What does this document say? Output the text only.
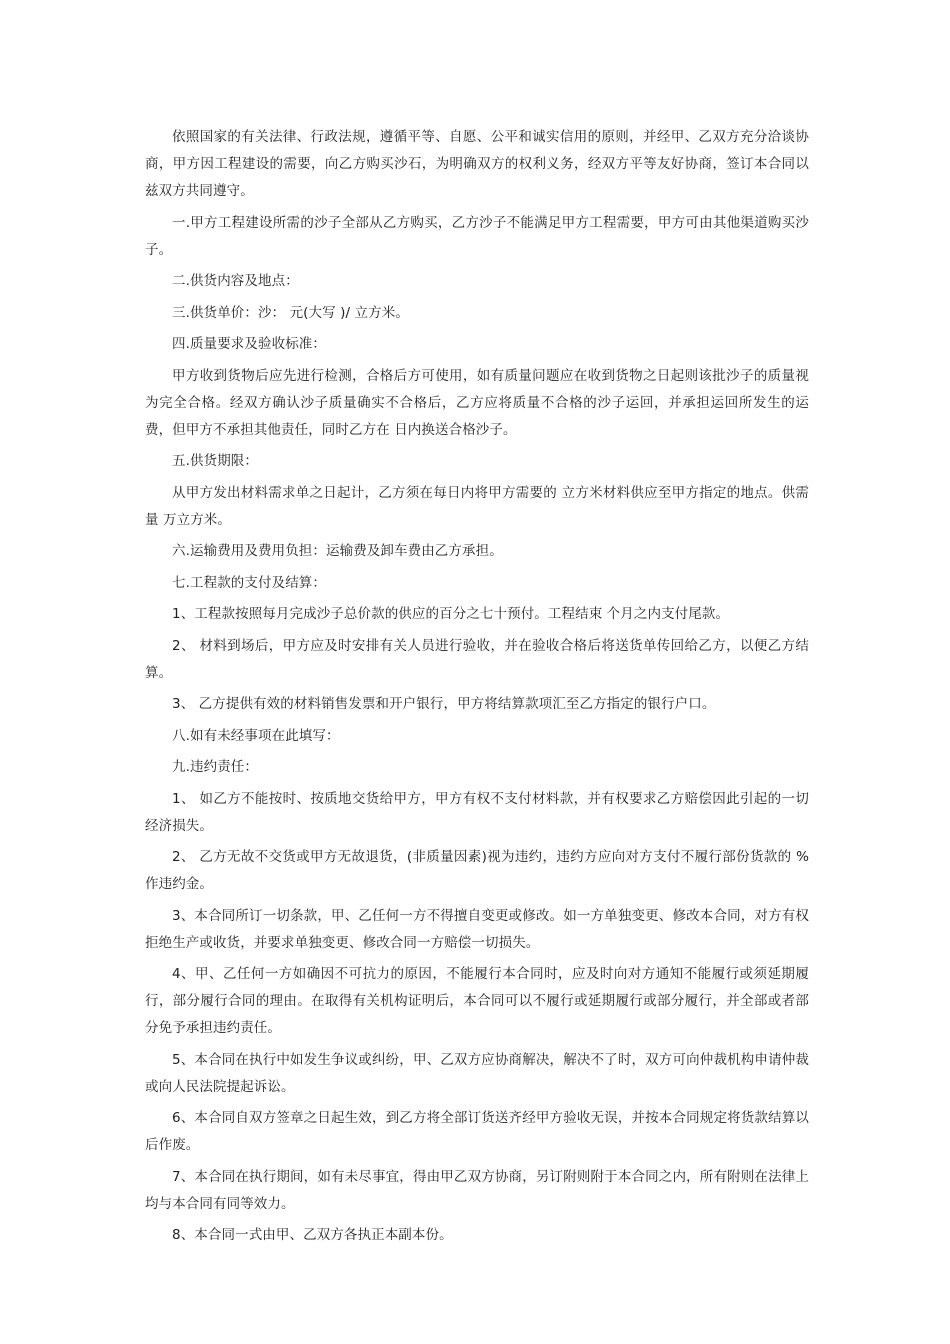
依照国家的有关法律、行政法规，遵循平等、自愿、公平和诚实信用的原则，并经甲、乙双方充分洽谈协商，甲方因工程建设的需要，向乙方购买沙石，为明确双方的权利义务，经双方平等友好协商，签订本合同以兹双方共同遵守。

一.甲方工程建设所需的沙子全部从乙方购买，乙方沙子不能满足甲方工程需要，甲方可由其他渠道购买沙子。

二.供货内容及地点：

三.供货单价：沙： 元(大写 )/ 立方米。

四.质量要求及验收标准：

甲方收到货物后应先进行检测，合格后方可使用，如有质量问题应在收到货物之日起则该批沙子的质量视为完全合格。经双方确认沙子质量确实不合格后，乙方应将质量不合格的沙子运回，并承担运回所发生的运费，但甲方不承担其他责任，同时乙方在 日内换送合格沙子。

五.供货期限：

从甲方发出材料需求单之日起计，乙方须在每日内将甲方需要的 立方米材料供应至甲方指定的地点。供需量 万立方米。

六.运输费用及费用负担：运输费及卸车费由乙方承担。

七.工程款的支付及结算：

1、工程款按照每月完成沙子总价款的供应的百分之七十预付。工程结束 个月之内支付尾款。

2、 材料到场后，甲方应及时安排有关人员进行验收，并在验收合格后将送货单传回给乙方，以便乙方结算。

3、 乙方提供有效的材料销售发票和开户银行，甲方将结算款项汇至乙方指定的银行户口。

八.如有未经事项在此填写：

九.违约责任：

1、 如乙方不能按时、按质地交货给甲方，甲方有权不支付材料款，并有权要求乙方赔偿因此引起的一切经济损失。

2、 乙方无故不交货或甲方无故退货，(非质量因素)视为违约，违约方应向对方支付不履行部份货款的 %作违约金。

3、本合同所订一切条款，甲、乙任何一方不得擅自变更或修改。如一方单独变更、修改本合同，对方有权拒绝生产或收货，并要求单独变更、修改合同一方赔偿一切损失。

4、甲、乙任何一方如确因不可抗力的原因，不能履行本合同时，应及时向对方通知不能履行或须延期履行，部分履行合同的理由。在取得有关机构证明后，本合同可以不履行或延期履行或部分履行，并全部或者部分免予承担违约责任。

5、本合同在执行中如发生争议或纠纷，甲、乙双方应协商解决，解决不了时，双方可向仲裁机构申请仲裁或向人民法院提起诉讼。

6、本合同自双方签章之日起生效，到乙方将全部订货送齐经甲方验收无误，并按本合同规定将货款结算以后作废。

7、本合同在执行期间，如有未尽事宜，得由甲乙双方协商，另订附则附于本合同之内，所有附则在法律上均与本合同有同等效力。

8、本合同一式由甲、乙双方各执正本副本份。
